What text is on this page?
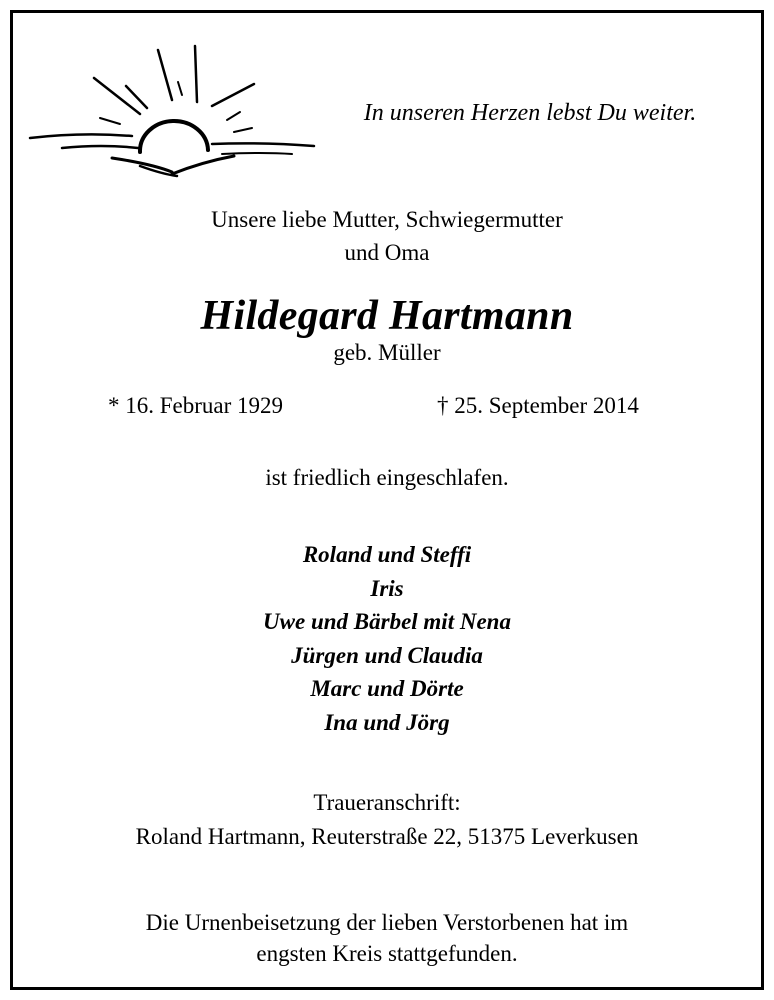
In unseren Herzen lebst Du weiter.
Unsere liebe Mutter, Schwiegermutter
und Oma
Hildegard Hartmann
geb. Müller
* 16. Februar 1929	† 25. September 2014
ist friedlich eingeschlafen.
Roland und Steffi
Iris
Uwe und Bärbel mit Nena
Jürgen und Claudia
Marc und Dörte
Ina und Jörg
Traueranschrift:
Roland Hartmann, Reuterstraße 22, 51375 Leverkusen
Die Urnenbeisetzung der lieben Verstorbenen hat im
engsten Kreis stattgefunden.
